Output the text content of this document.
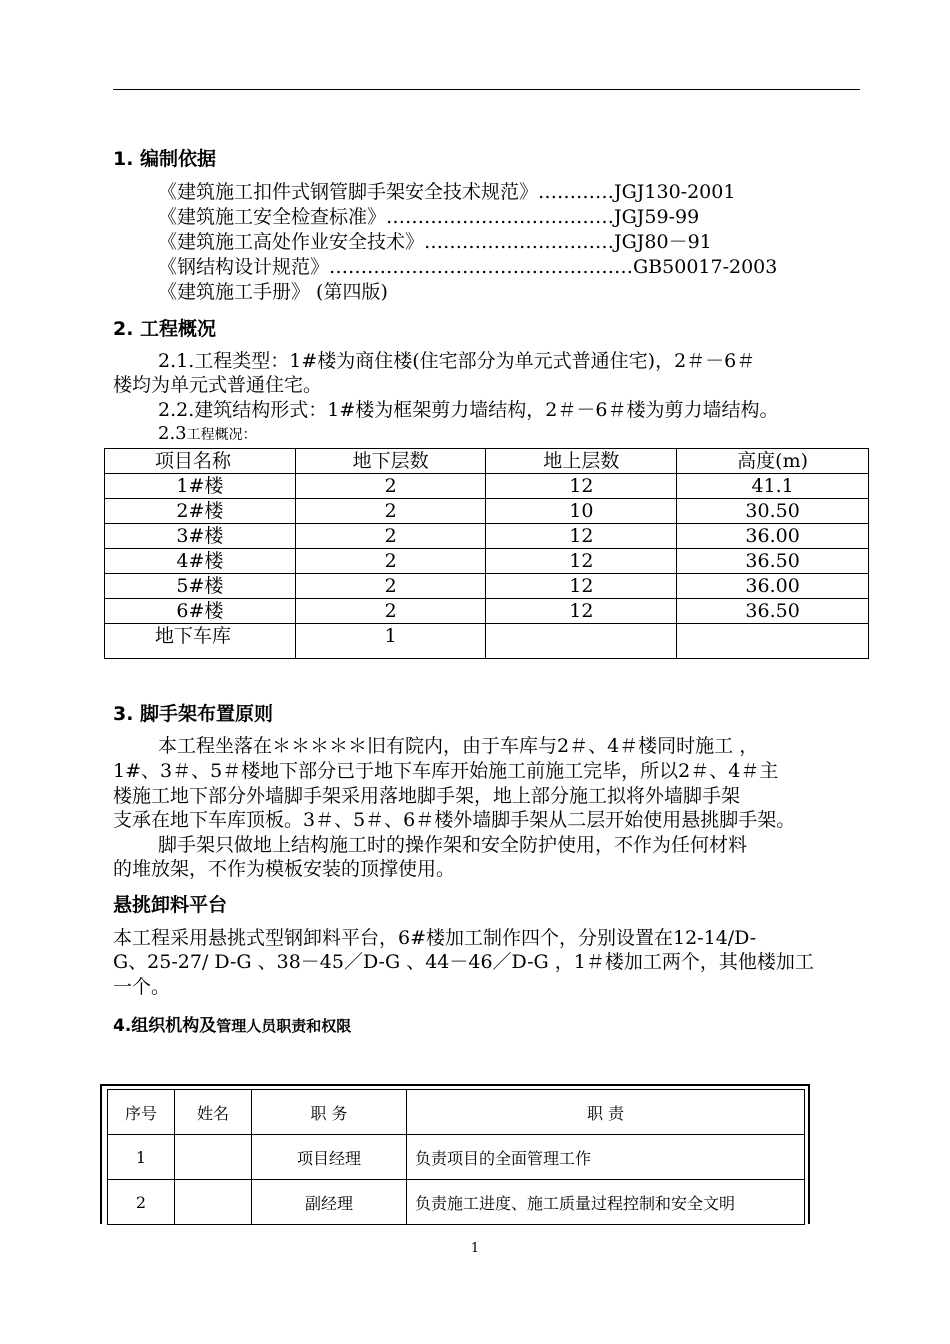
1. 编制依据
《建筑施工扣件式钢管脚手架安全技术规范》…………JGJ130-2001
《建筑施工安全检查标准》………………………………JGJ59-99
《建筑施工高处作业安全技术》…………………………JGJ80－91
《钢结构设计规范》…………………………………………GB50017-2003
《建筑施工手册》 (第四版)
2. 工程概况
2.1.工程类型：1#楼为商住楼(住宅部分为单元式普通住宅)，2＃－6＃
楼均为单元式普通住宅。
2.2.建筑结构形式：1#楼为框架剪力墙结构，2＃－6＃楼为剪力墙结构。
2.3工程概况：
项目名称	地下层数	地上层数	高度(m)
1#楼	2	12	41.1
2#楼	2	10	30.50
3#楼	2	12	36.00
4#楼	2	12	36.50
5#楼	2	12	36.00
6#楼	2	12	36.50
地下车库	1		
3. 脚手架布置原则
本工程坐落在＊＊＊＊＊旧有院内，由于车库与2＃、4＃楼同时施工 ，
1#、3＃、5＃楼地下部分已于地下车库开始施工前施工完毕，所以2＃、4＃主
楼施工地下部分外墙脚手架采用落地脚手架，地上部分施工拟将外墙脚手架
支承在地下车库顶板。3＃、5＃、6＃楼外墙脚手架从二层开始使用悬挑脚手架。
脚手架只做地上结构施工时的操作架和安全防护使用，不作为任何材料
的堆放架，不作为模板安装的顶撑使用。
悬挑卸料平台
本工程采用悬挑式型钢卸料平台，6#楼加工制作四个，分别设置在12-14/D-
G、25-27/ D-G 、38－45／D-G 、44－46／D-G ，1＃楼加工两个，其他楼加工
一个。
4.组织机构及管理人员职责和权限
序号	姓名	职 务	职 责
1		项目经理	负责项目的全面管理工作
2		副经理	负责施工进度、施工质量过程控制和安全文明
1
